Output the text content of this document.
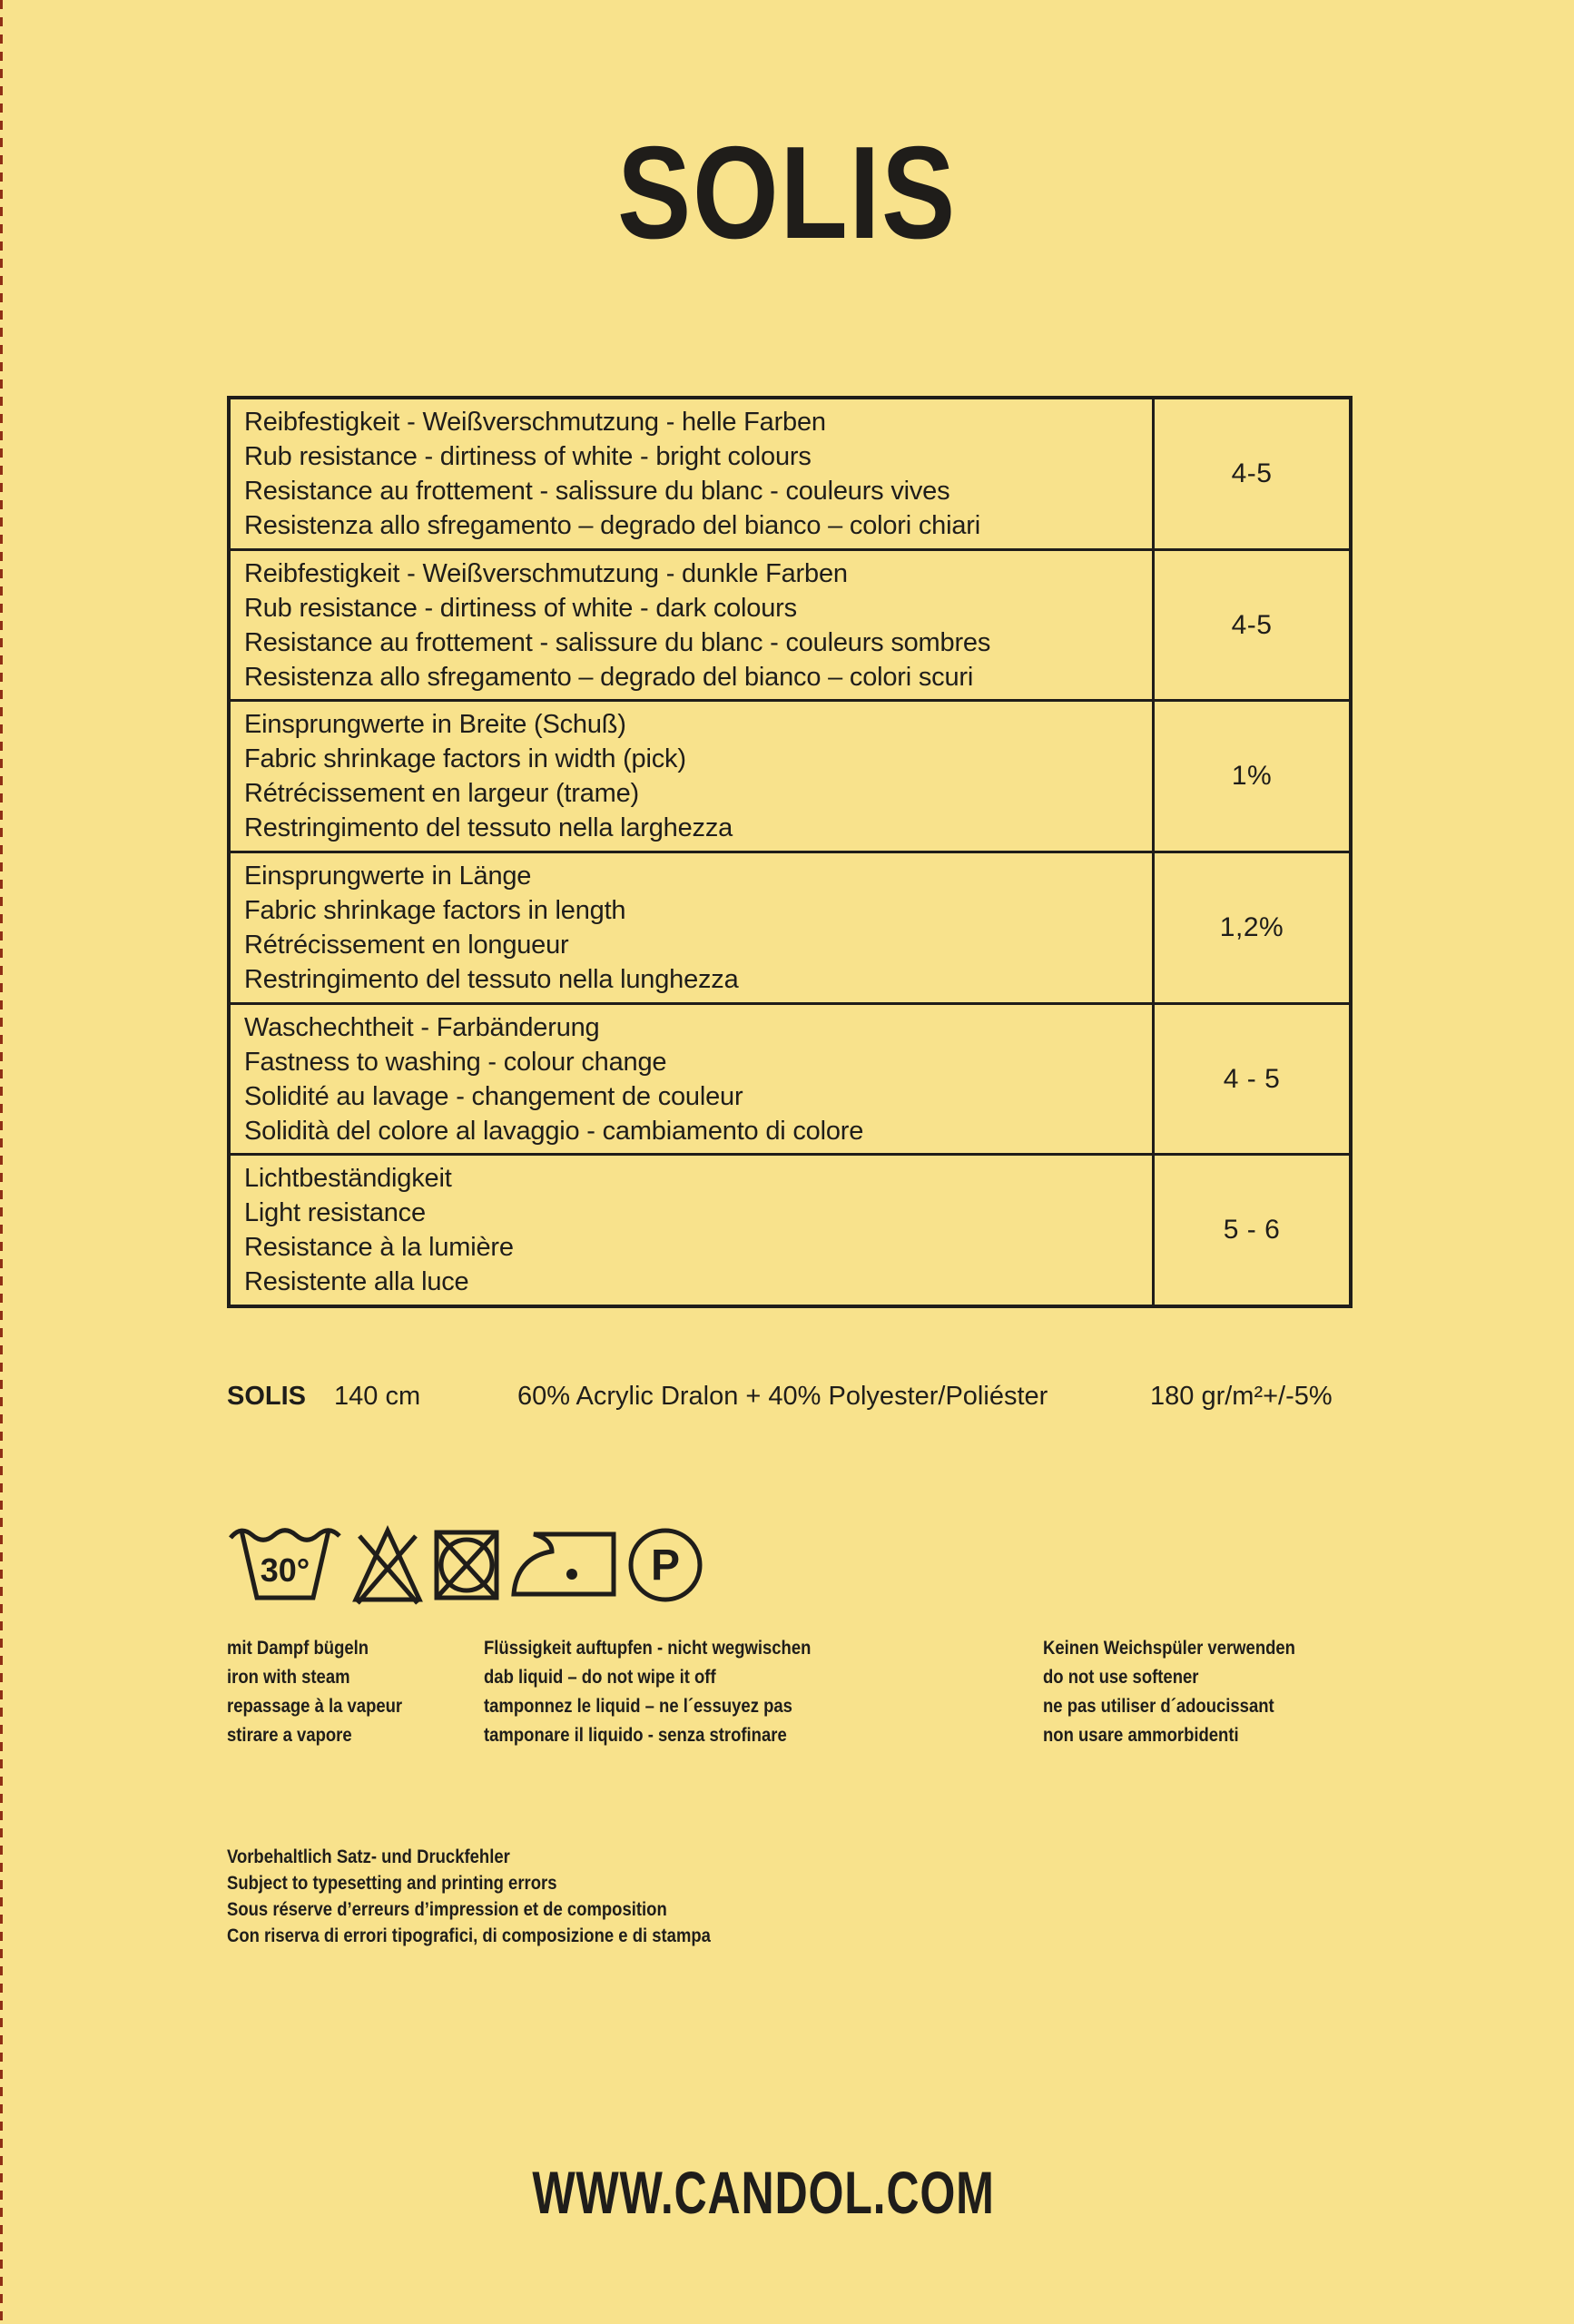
SOLIS
Reibfestigkeit - Weißverschmutzung - helle Farben
Rub resistance - dirtiness of white - bright colours
Resistance au frottement - salissure du blanc - couleurs vives
Resistenza allo sfregamento – degrado del bianco – colori chiari
4-5
Reibfestigkeit - Weißverschmutzung - dunkle Farben
Rub resistance - dirtiness of white - dark colours
Resistance au frottement - salissure du blanc - couleurs sombres
Resistenza allo sfregamento – degrado del bianco – colori scuri
4-5
Einsprungwerte in Breite (Schuß)
Fabric shrinkage factors in width (pick)
Rétrécissement en largeur (trame)
Restringimento del tessuto nella larghezza
1%
Einsprungwerte in Länge
Fabric shrinkage factors in length
Rétrécissement en longueur
Restringimento del tessuto nella lunghezza
1,2%
Waschechtheit - Farbänderung
Fastness to washing - colour change
Solidité au lavage - changement de couleur
Solidità del colore al lavaggio - cambiamento di colore
4 - 5
Lichtbeständigkeit
Light resistance
Resistance à la lumière
Resistente alla luce
5 - 6
SOLIS 140 cm	60% Acrylic Dralon + 40% Polyester/Poliéster	180 gr/m²+/-5%
30°	P
mit Dampf bügeln
iron with steam
repassage à la vapeur
stirare a vapore
Flüssigkeit auftupfen - nicht wegwischen
dab liquid – do not wipe it off
tamponnez le liquid – ne l´essuyez pas
tamponare il liquido - senza strofinare
Keinen Weichspüler verwenden
do not use softener
ne pas utiliser d´adoucissant
non usare ammorbidenti
Vorbehaltlich Satz- und Druckfehler
Subject to typesetting and printing errors
Sous réserve d’erreurs d’impression et de composition
Con riserva di errori tipografici, di composizione e di stampa
WWW.CANDOL.COM
